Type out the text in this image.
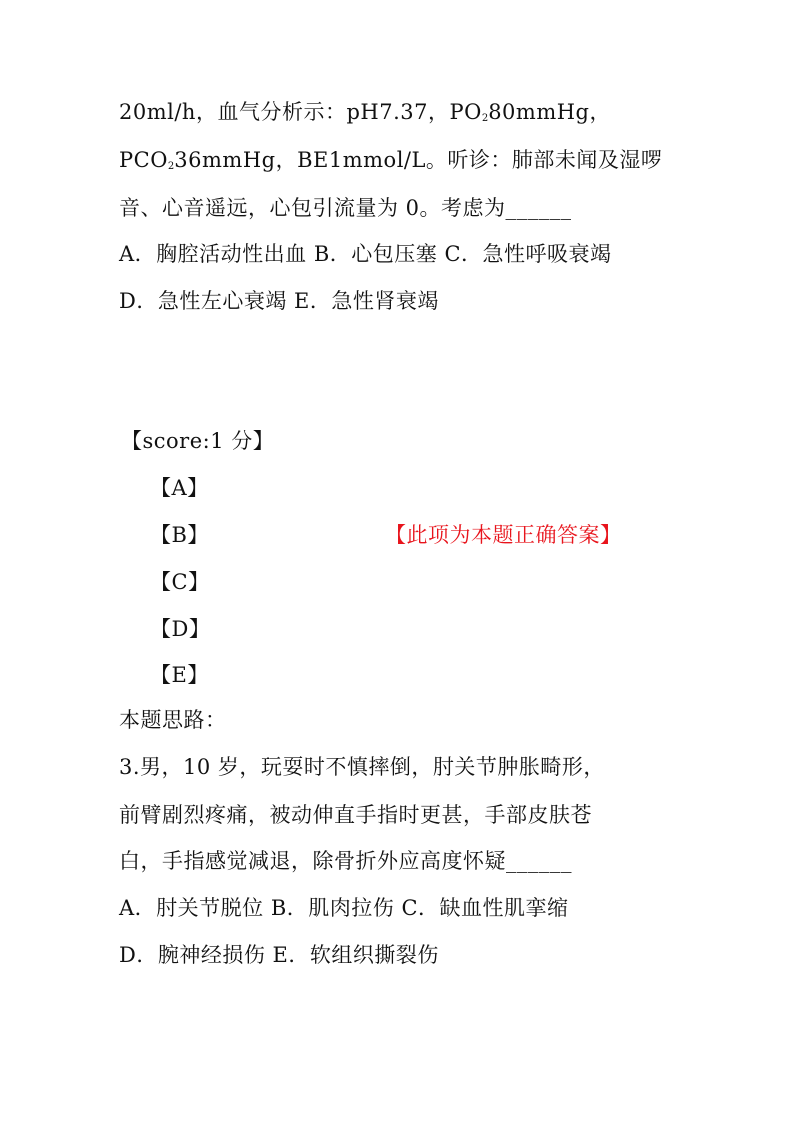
20ml/h，血气分析示：pH7.37，$PO_280mmHg$，
$PCO_236mmHg$，BE1mmol/L。听诊：肺部未闻及湿啰
音、心音遥远，心包引流量为 0。考虑为______
A．胸腔活动性出血 B．心包压塞 C．急性呼吸衰竭
D．急性左心衰竭 E．急性肾衰竭
【score:1 分】
【A】
【B】	【此项为本题正确答案】
【C】
【D】
【E】
本题思路：
3.男，10 岁，玩耍时不慎摔倒，肘关节肿胀畸形，
前臂剧烈疼痛，被动伸直手指时更甚，手部皮肤苍
白，手指感觉减退，除骨折外应高度怀疑______
A．肘关节脱位 B．肌肉拉伤 C．缺血性肌挛缩
D．腕神经损伤 E．软组织撕裂伤
